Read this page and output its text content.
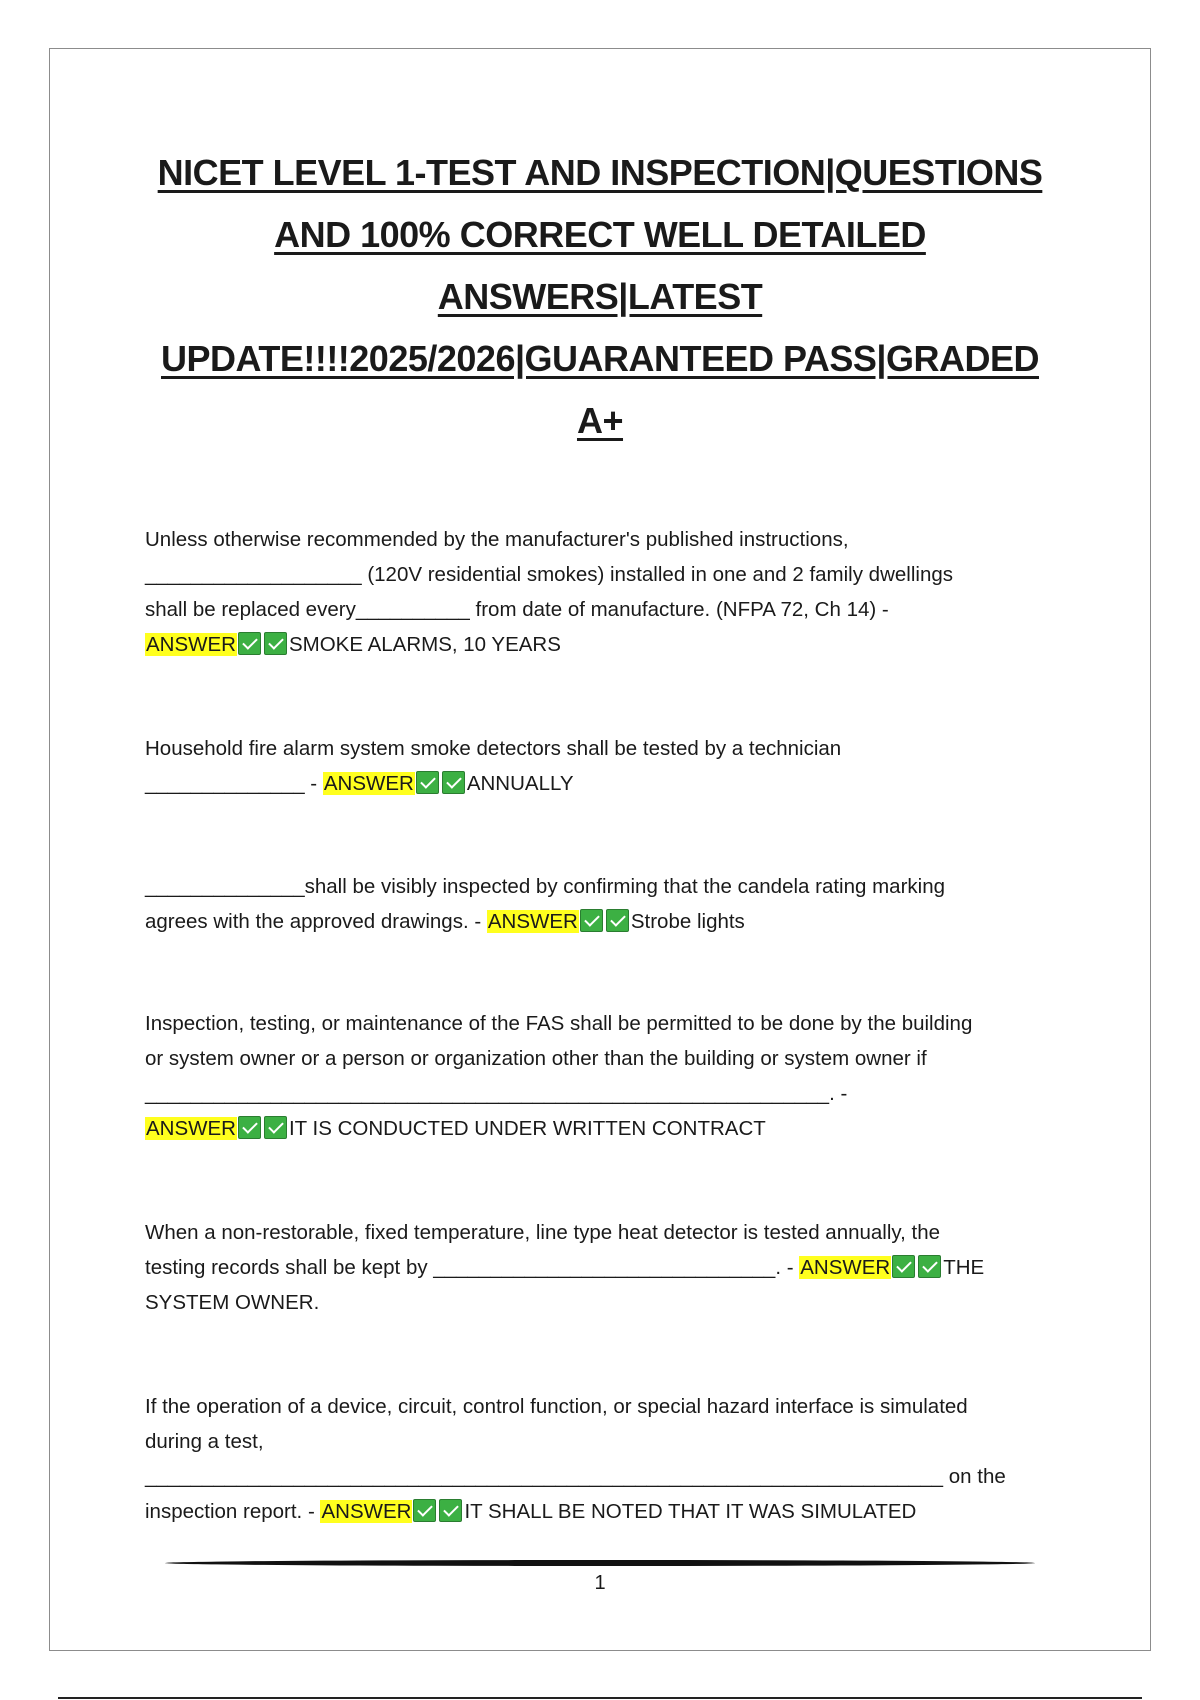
NICET LEVEL 1-TEST AND INSPECTION|QUESTIONS AND 100% CORRECT WELL DETAILED ANSWERS|LATEST UPDATE!!!!2025/2026|GUARANTEED PASS|GRADED A+

Unless otherwise recommended by the manufacturer's published instructions,
___________________ (120V residential smokes) installed in one and 2 family dwellings
shall be replaced every__________ from date of manufacture. (NFPA 72, Ch 14) -
ANSWER	SMOKE ALARMS, 10 YEARS

Household fire alarm system smoke detectors shall be tested by a technician
______________ - ANSWER	ANNUALLY

______________shall be visibly inspected by confirming that the candela rating marking
agrees with the approved drawings. - ANSWER	Strobe lights

Inspection, testing, or maintenance of the FAS shall be permitted to be done by the building
or system owner or a person or organization other than the building or system owner if
____________________________________________________________. -
ANSWER	IT IS CONDUCTED UNDER WRITTEN CONTRACT

When a non-restorable, fixed temperature, line type heat detector is tested annually, the
testing records shall be kept by ______________________________. - ANSWER	THE SYSTEM OWNER.

If the operation of a device, circuit, control function, or special hazard interface is simulated
during a test,
______________________________________________________________________ on the
inspection report. - ANSWER	IT SHALL BE NOTED THAT IT WAS SIMULATED

1
